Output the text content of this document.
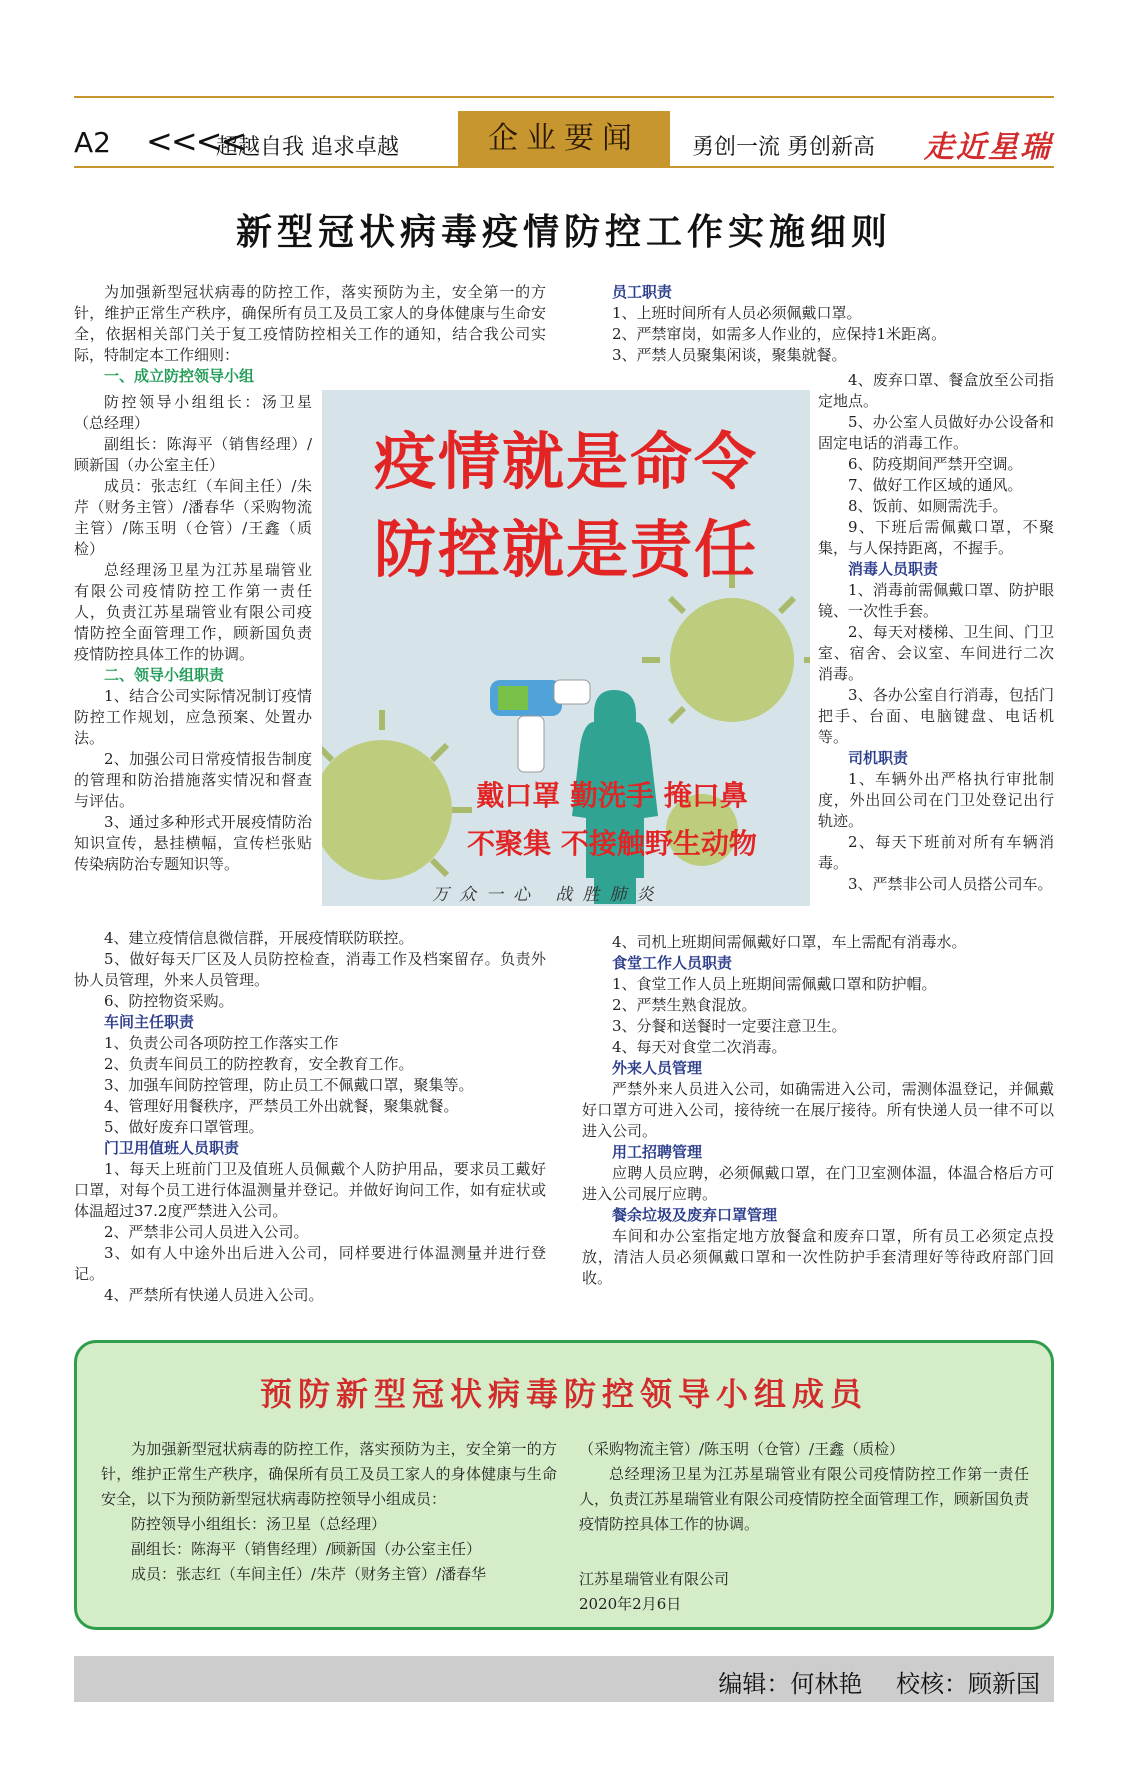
A2 <<<<
超越自我 追求卓越	企业要闻	勇创一流 勇创新高 走近星瑞
新型冠状病毒疫情防控工作实施细则

为加强新型冠状病毒的防控工作，落实预防为主，安全第一的方针，维护正常生产秩序，确保所有员工及员工家人的身体健康与生命安全，依据相关部门关于复工疫情防控相关工作的通知，结合我公司实际，特制定本工作细则：

一、成立防控领导小组

防控领导小组组长：汤卫星（总经理）

副组长：陈海平（销售经理）/顾新国（办公室主任）

成员：张志红（车间主任）/朱芹（财务主管）/潘春华（采购物流主管）/陈玉明（仓管）/王鑫（质检）

总经理汤卫星为江苏星瑞管业有限公司疫情防控工作第一责任人，负责江苏星瑞管业有限公司疫情防控全面管理工作，顾新国负责疫情防控具体工作的协调。

二、领导小组职责

1、结合公司实际情况制订疫情防控工作规划，应急预案、处置办法。

2、加强公司日常疫情报告制度的管理和防治措施落实情况和督查与评估。

3、通过多种形式开展疫情防治知识宣传，悬挂横幅，宣传栏张贴传染病防治专题知识等。

4、建立疫情信息微信群，开展疫情联防联控。

5、做好每天厂区及人员防控检查，消毒工作及档案留存。负责外协人员管理，外来人员管理。

6、防控物资采购。

车间主任职责

1、负责公司各项防控工作落实工作

2、负责车间员工的防控教育，安全教育工作。

3、加强车间防控管理，防止员工不佩戴口罩，聚集等。

4、管理好用餐秩序，严禁员工外出就餐，聚集就餐。

5、做好废弃口罩管理。

门卫用值班人员职责

1、每天上班前门卫及值班人员佩戴个人防护用品，要求员工戴好口罩，对每个员工进行体温测量并登记。并做好询问工作，如有症状或体温超过37.2度严禁进入公司。

2、严禁非公司人员进入公司。

3、如有人中途外出后进入公司，同样要进行体温测量并进行登记。

4、严禁所有快递人员进入公司。

员工职责

1、上班时间所有人员必须佩戴口罩。

2、严禁窜岗，如需多人作业的，应保持1米距离。

3、严禁人员聚集闲谈，聚集就餐。

4、废弃口罩、餐盒放至公司指定地点。

5、办公室人员做好办公设备和固定电话的消毒工作。

6、防疫期间严禁开空调。

7、做好工作区域的通风。

8、饭前、如厕需洗手。

9、下班后需佩戴口罩，不聚集，与人保持距离，不握手。

消毒人员职责

1、消毒前需佩戴口罩、防护眼镜、一次性手套。

2、每天对楼梯、卫生间、门卫室、宿舍、会议室、车间进行二次消毒。

3、各办公室自行消毒，包括门把手、台面、电脑键盘、电话机等。

司机职责

1、车辆外出严格执行审批制度，外出回公司在门卫处登记出行轨迹。

2、每天下班前对所有车辆消毒。

3、严禁非公司人员搭公司车。

4、司机上班期间需佩戴好口罩，车上需配有消毒水。

食堂工作人员职责

1、食堂工作人员上班期间需佩戴口罩和防护帽。

2、严禁生熟食混放。

3、分餐和送餐时一定要注意卫生。

4、每天对食堂二次消毒。

外来人员管理

严禁外来人员进入公司，如确需进入公司，需测体温登记，并佩戴好口罩方可进入公司，接待统一在展厅接待。所有快递人员一律不可以进入公司。

用工招聘管理

应聘人员应聘，必须佩戴口罩，在门卫室测体温，体温合格后方可进入公司展厅应聘。

餐余垃圾及废弃口罩管理

车间和办公室指定地方放餐盒和废弃口罩，所有员工必须定点投放，清洁人员必须佩戴口罩和一次性防护手套清理好等待政府部门回收。

疫情就是命令
防控就是责任
戴口罩 勤洗手 掩口鼻
不聚集 不接触野生动物
万众一心 战胜肺炎
预防新型冠状病毒防控领导小组成员

为加强新型冠状病毒的防控工作，落实预防为主，安全第一的方针，维护正常生产秩序，确保所有员工及员工家人的身体健康与生命安全，以下为预防新型冠状病毒防控领导小组成员：

防控领导小组组长：汤卫星（总经理）

副组长：陈海平（销售经理）/顾新国（办公室主任）

成员：张志红（车间主任）/朱芹（财务主管）/潘春华

（采购物流主管）/陈玉明（仓管）/王鑫（质检）

总经理汤卫星为江苏星瑞管业有限公司疫情防控工作第一责任人，负责江苏星瑞管业有限公司疫情防控全面管理工作，顾新国负责疫情防控具体工作的协调。

江苏星瑞管业有限公司

2020年2月6日

编辑：何林艳 校核：顾新国
